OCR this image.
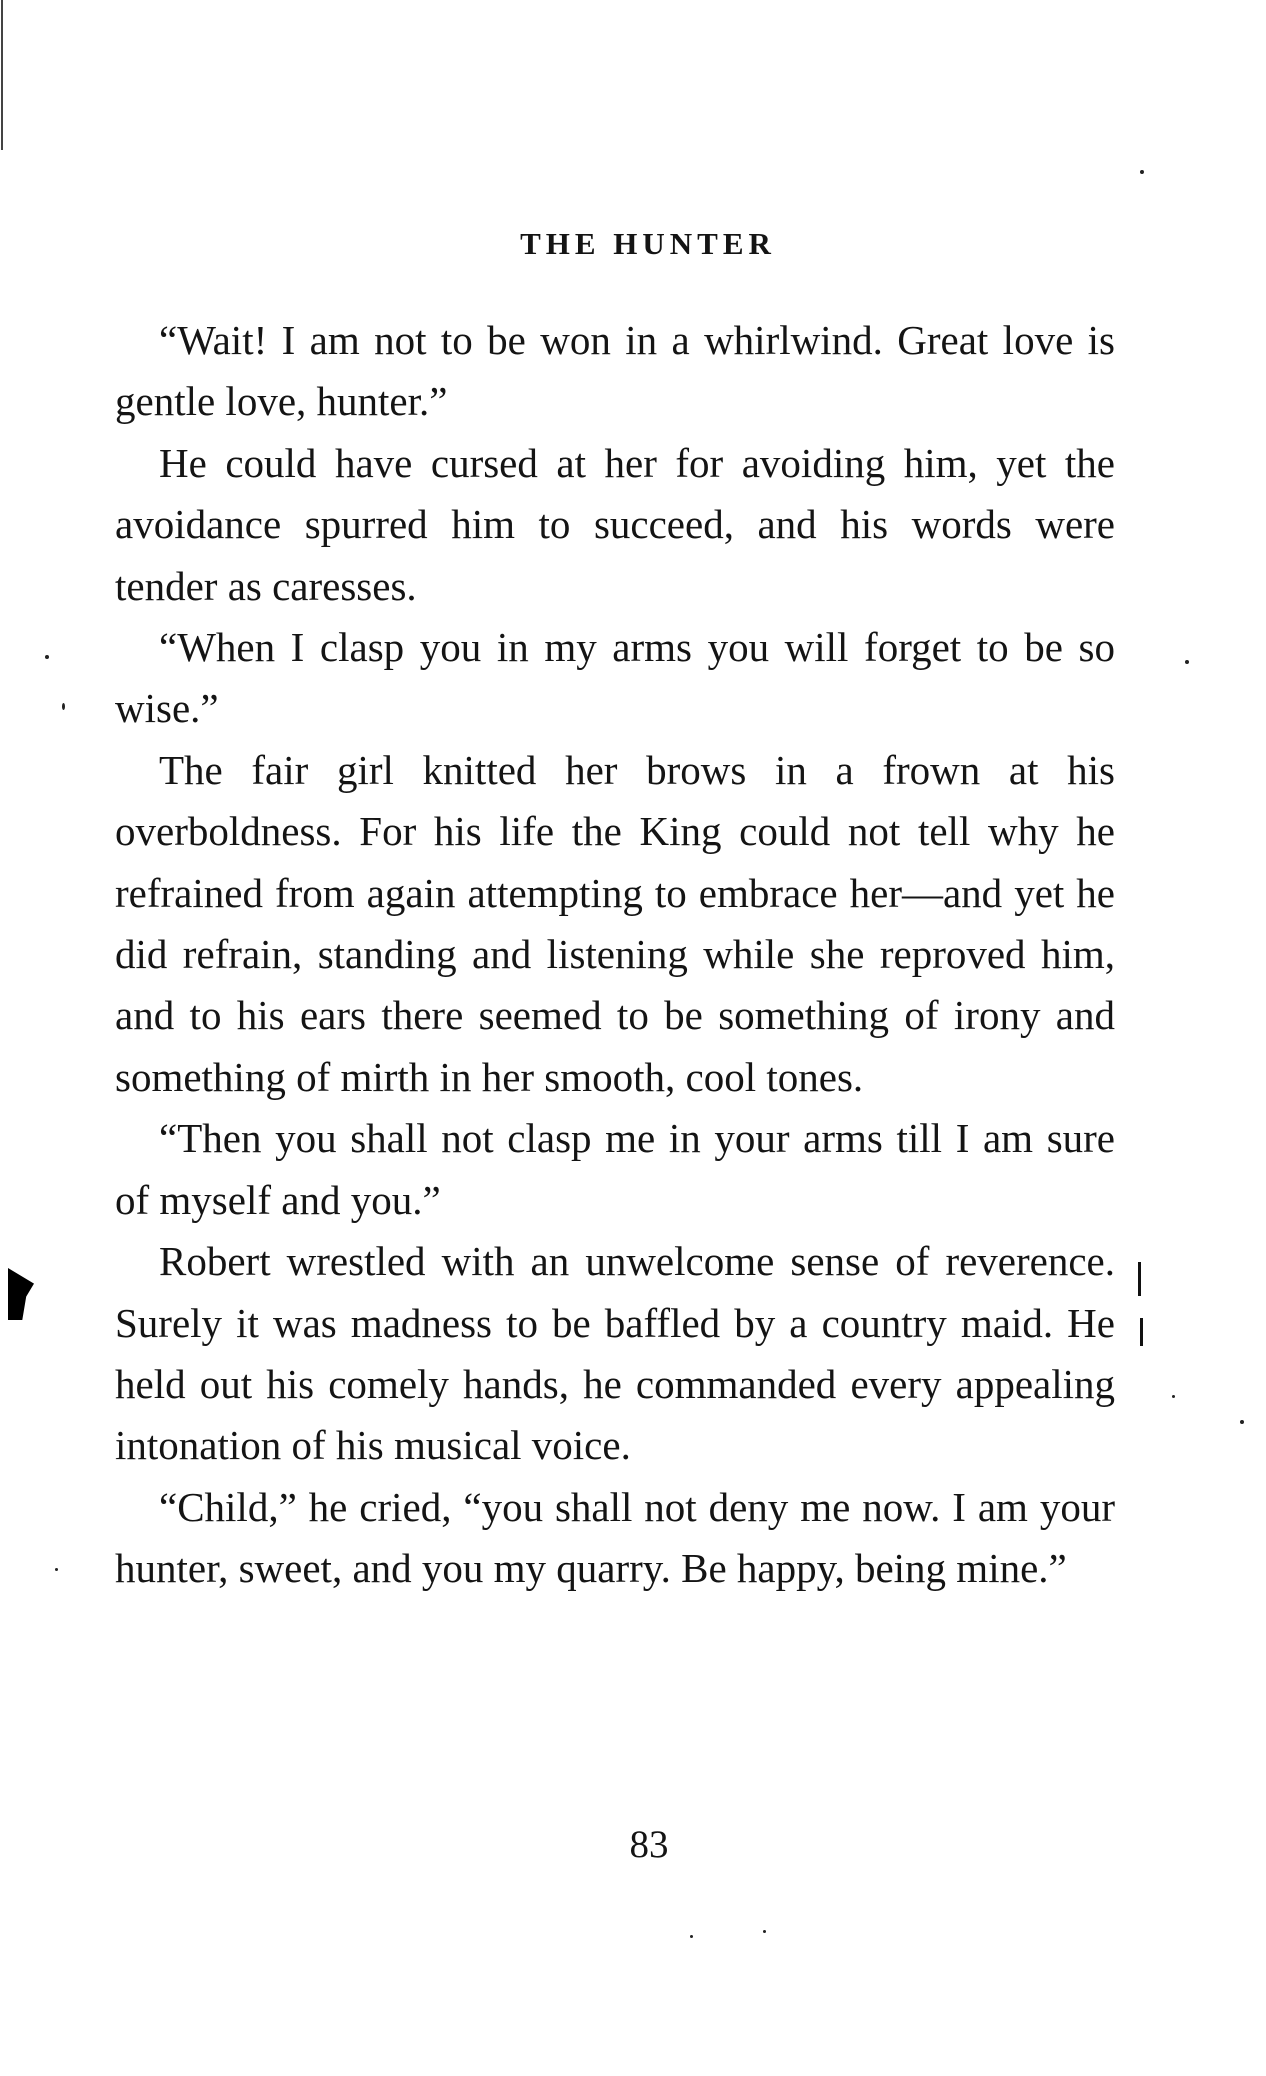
THE HUNTER

“Wait! I am not to be won in a whirlwind. Great love is gentle love, hunter.”

He could have cursed at her for avoiding him, yet the avoidance spurred him to succeed, and his words were tender as caresses.

“When I clasp you in my arms you will forget to be so wise.”

The fair girl knitted her brows in a frown at his overboldness. For his life the King could not tell why he refrained from again attempting to embrace her—and yet he did refrain, standing and listening while she reproved him, and to his ears there seemed to be something of irony and something of mirth in her smooth, cool tones.

“Then you shall not clasp me in your arms till I am sure of myself and you.”

Robert wrestled with an unwelcome sense of reverence. Surely it was madness to be baffled by a country maid. He held out his comely hands, he commanded every appealing intonation of his musical voice.

“Child,” he cried, “you shall not deny me now. I am your hunter, sweet, and you my quarry. Be happy, being mine.”

83
